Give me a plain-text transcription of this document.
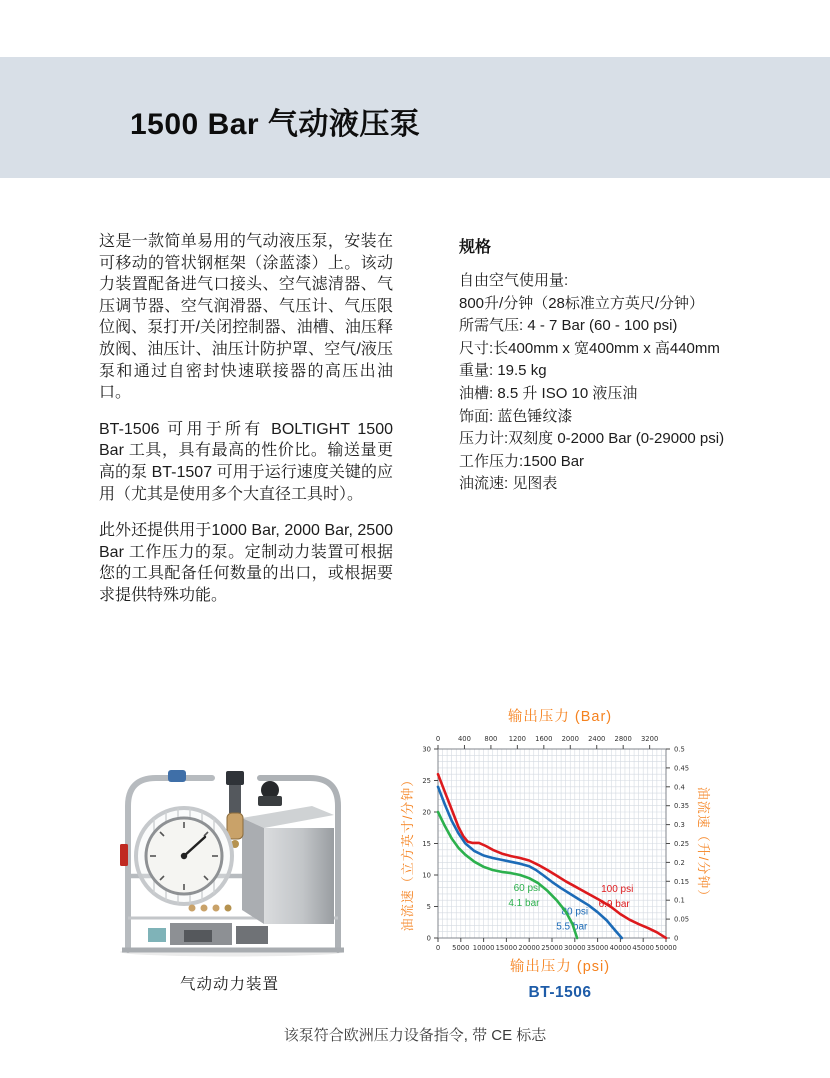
1500 Bar 气动液压泵

这是一款简单易用的气动液压泵，安装在可移动的管状钢框架（涂蓝漆）上。该动力装置配备进气口接头、空气滤清器、气压调节器、空气润滑器、气压计、气压限位阀、泵打开/关闭控制器、油槽、油压释放阀、油压计、油压计防护罩、空气/液压泵和通过自密封快速联接器的高压出油口。

BT-1506 可用于所有 BOLTIGHT 1500 Bar 工具，具有最高的性价比。输送量更高的泵 BT-1507 可用于运行速度关键的应用（尤其是使用多个大直径工具时）。

此外还提供用于1000 Bar, 2000 Bar, 2500 Bar 工作压力的泵。定制动力装置可根据您的工具配备任何数量的出口，或根据要求提供特殊功能。

规格
自由空气使用量:
800升/分钟（28标准立方英尺/分钟）
所需气压: 4 - 7 Bar (60 - 100 psi)
尺寸:长400mm x 宽400mm x 高440mm
重量: 19.5 kg
油槽: 8.5 升 ISO 10 液压油
饰面: 蓝色锤纹漆
压力计:双刻度 0-2000 Bar (0-29000 psi)
工作压力:1500 Bar
油流速: 见图表
气动动力装置
输出压力 (Bar)
0 5000 10000 15000 20000 25000 30000 35000 40000 45000 50000
0	400 800 1200 1600 2000 2400 2800 3200
0
5
10
15
20
25
30
0
0.05
0.1
0.15
0.2
0.25
0.3
0.35
0.4
0.45
0.5
100 psi
6.9 bar
80 psi
5.5 bar
60 psi
4.1 bar
油流速（立方英寸/分钟）	油流速（升/分钟）
输出压力 (psi)
BT-1506
该泵符合欧洲压力设备指令, 带 CE 标志
